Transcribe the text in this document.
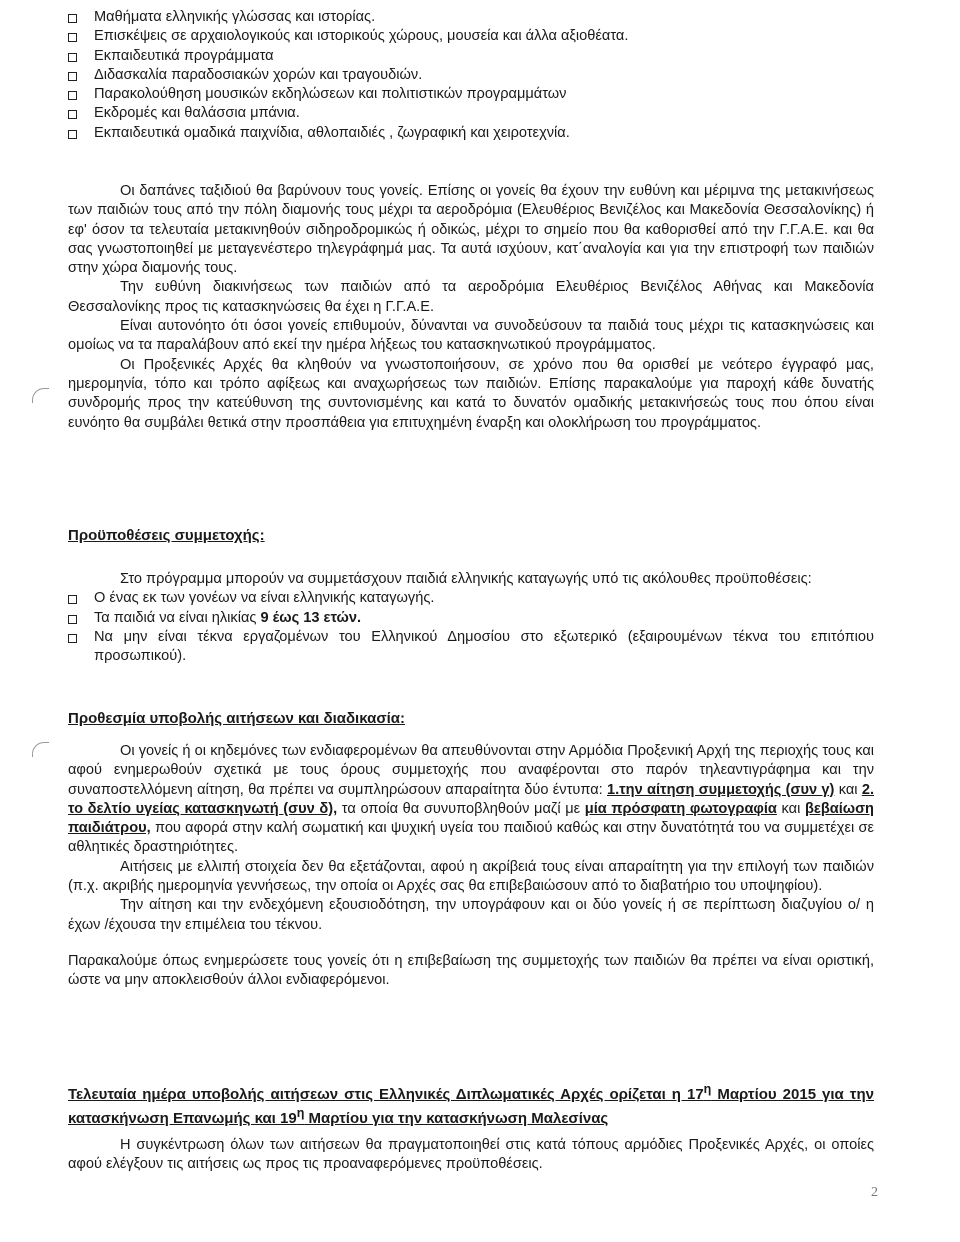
Μαθήματα ελληνικής γλώσσας και ιστορίας.
Επισκέψεις σε αρχαιολογικούς και ιστορικούς χώρους, μουσεία και άλλα αξιοθέατα.
Εκπαιδευτικά προγράμματα
Διδασκαλία παραδοσιακών χορών και τραγουδιών.
Παρακολούθηση μουσικών εκδηλώσεων και πολιτιστικών προγραμμάτων
Εκδρομές και θαλάσσια μπάνια.
Εκπαιδευτικά ομαδικά παιχνίδια, αθλοπαιδιές , ζωγραφική και χειροτεχνία.

Οι δαπάνες ταξιδιού θα βαρύνουν τους γονείς. Επίσης οι γονείς θα έχουν την ευθύνη και μέριμνα της μετακινήσεως των παιδιών τους από την πόλη διαμονής τους μέχρι τα αεροδρόμια (Ελευθέριος Βενιζέλος και Μακεδονία Θεσσαλονίκης) ή εφ' όσον τα τελευταία μετακινηθούν σιδηροδρομικώς ή οδικώς, μέχρι το σημείο που θα καθορισθεί από την Γ.Γ.Α.Ε. και θα σας γνωστοποιηθεί με μεταγενέστερο τηλεγράφημά μας. Τα αυτά ισχύουν, κατ΄αναλογία και για την επιστροφή των παιδιών στην χώρα διαμονής τους.

Την ευθύνη διακινήσεως των παιδιών από τα αεροδρόμια Ελευθέριος Βενιζέλος Αθήνας και Μακεδονία Θεσσαλονίκης προς τις κατασκηνώσεις θα έχει η Γ.Γ.Α.Ε.

Είναι αυτονόητο ότι όσοι γονείς επιθυμούν, δύνανται να συνοδεύσουν τα παιδιά τους μέχρι τις κατασκηνώσεις και ομοίως να τα παραλάβουν από εκεί την ημέρα λήξεως του κατασκηνωτικού προγράμματος.

Οι Προξενικές Αρχές θα κληθούν να γνωστοποιήσουν, σε χρόνο που θα ορισθεί με νεότερο έγγραφό μας, ημερομηνία, τόπο και τρόπο αφίξεως και αναχωρήσεως των παιδιών. Επίσης παρακαλούμε για παροχή κάθε δυνατής συνδρομής προς την κατεύθυνση της συντονισμένης και κατά το δυνατόν ομαδικής μετακινήσεώς τους που όπου είναι ευνόητο θα συμβάλει θετικά στην προσπάθεια για επιτυχημένη έναρξη και ολοκλήρωση του προγράμματος.

Προϋποθέσεις συμμετοχής:

Στο πρόγραμμα μπορούν να συμμετάσχουν παιδιά ελληνικής καταγωγής υπό τις ακόλουθες προϋποθέσεις:

Ο ένας εκ των γονέων να είναι ελληνικής καταγωγής.
Τα παιδιά να είναι ηλικίας 9 έως 13 ετών.
Να μην είναι τέκνα εργαζομένων του Ελληνικού Δημοσίου στο εξωτερικό (εξαιρουμένων τέκνα του επιτόπιου προσωπικού).
Προθεσμία υποβολής αιτήσεων και διαδικασία:

Οι γονείς ή οι κηδεμόνες των ενδιαφερομένων θα απευθύνονται στην Αρμόδια Προξενική Αρχή της περιοχής τους και αφού ενημερωθούν σχετικά με τους όρους συμμετοχής που αναφέρονται στο παρόν τηλεαντιγράφημα και την συναποστελλόμενη αίτηση, θα πρέπει να συμπληρώσουν απαραίτητα δύο έντυπα: 1.την αίτηση συμμετοχής (συν γ) και 2. το δελτίο υγείας κατασκηνωτή (συν δ), τα οποία θα συνυποβληθούν μαζί με μία πρόσφατη φωτογραφία και βεβαίωση παιδιάτρου, που αφορά στην καλή σωματική και ψυχική υγεία του παιδιού καθώς και στην δυνατότητά του να συμμετέχει σε αθλητικές δραστηριότητες.

Αιτήσεις με ελλιπή στοιχεία δεν θα εξετάζονται, αφού η ακρίβειά τους είναι απαραίτητη για την επιλογή των παιδιών (π.χ. ακριβής ημερομηνία γεννήσεως, την οποία οι Αρχές σας θα επιβεβαιώσουν από το διαβατήριο του υποψηφίου).

Την αίτηση και την ενδεχόμενη εξουσιοδότηση, την υπογράφουν και οι δύο γονείς ή σε περίπτωση διαζυγίου ο/ η έχων /έχουσα την επιμέλεια του τέκνου.

Παρακαλούμε όπως ενημερώσετε τους γονείς ότι η επιβεβαίωση της συμμετοχής των παιδιών θα πρέπει να είναι οριστική, ώστε να μην αποκλεισθούν άλλοι ενδιαφερόμενοι.

Τελευταία ημέρα υποβολής αιτήσεων στις Ελληνικές Διπλωματικές Αρχές ορίζεται η $17^\eta$ Μαρτίου 2015 για την κατασκήνωση Επανωμής και $19^\eta$ Μαρτίου για την κατασκήνωση Μαλεσίνας

Η συγκέντρωση όλων των αιτήσεων θα πραγματοποιηθεί στις κατά τόπους αρμόδιες Προξενικές Αρχές, οι οποίες αφού ελέγξουν τις αιτήσεις ως προς τις προαναφερόμενες προϋποθέσεις.

2
